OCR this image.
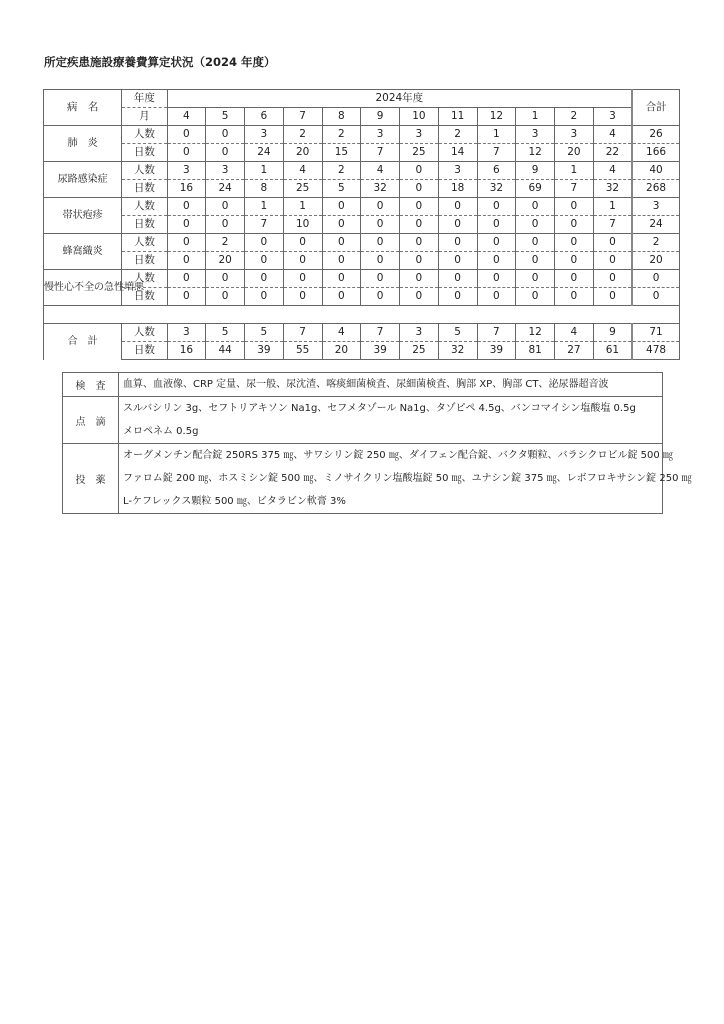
所定疾患施設療養費算定状況（2024 年度）
病　名	年度	2024年度												合計
	月	4	5	6	7	8	9	10	11	12	1	2	3	
肺　炎	人数	0	0	3	2	2	3	3	2	1	3	3	4	26
	日数	0	0	24	20	15	7	25	14	7	12	20	22	166
尿路感染症	人数	3	3	1	4	2	4	0	3	6	9	1	4	40
	日数	16	24	8	25	5	32	0	18	32	69	7	32	268
帯状疱疹	人数	0	0	1	1	0	0	0	0	0	0	0	1	3
	日数	0	0	7	10	0	0	0	0	0	0	0	7	24
蜂窩織炎	人数	0	2	0	0	0	0	0	0	0	0	0	0	2
	日数	0	20	0	0	0	0	0	0	0	0	0	0	20
慢性心不全の急性増悪	人数	0	0	0	0	0	0	0	0	0	0	0	0	0
	日数	0	0	0	0	0	0	0	0	0	0	0	0	0

合　計	人数	3	5	5	7	4	7	3	5	7	12	4	9	71
	日数	16	44	39	55	20	39	25	32	39	81	27	61	478
検査	血算、血液像、CRP 定量、尿一般、尿沈渣、喀痰細菌検査、尿細菌検査、胸部 XP、胸部 CT、泌尿器超音波

点滴	スルバシリン 3g、セフトリアキソン Na1g、セフメタゾール Na1g、タゾピペ 4.5g、バンコマイシン塩酸塩 0.5g
メロペネム 0.5g

投薬	オーグメンチン配合錠 250RS 375 ㎎、サワシリン錠 250 ㎎、ダイフェン配合錠、バクタ顆粒、バラシクロビル錠 500 ㎎
ファロム錠 200 ㎎、ホスミシン錠 500 ㎎、ミノサイクリン塩酸塩錠 50 ㎎、ユナシン錠 375 ㎎、レボフロキサシン錠 250 ㎎
L-ケフレックス顆粒 500 ㎎、ビタラビン軟膏 3%
